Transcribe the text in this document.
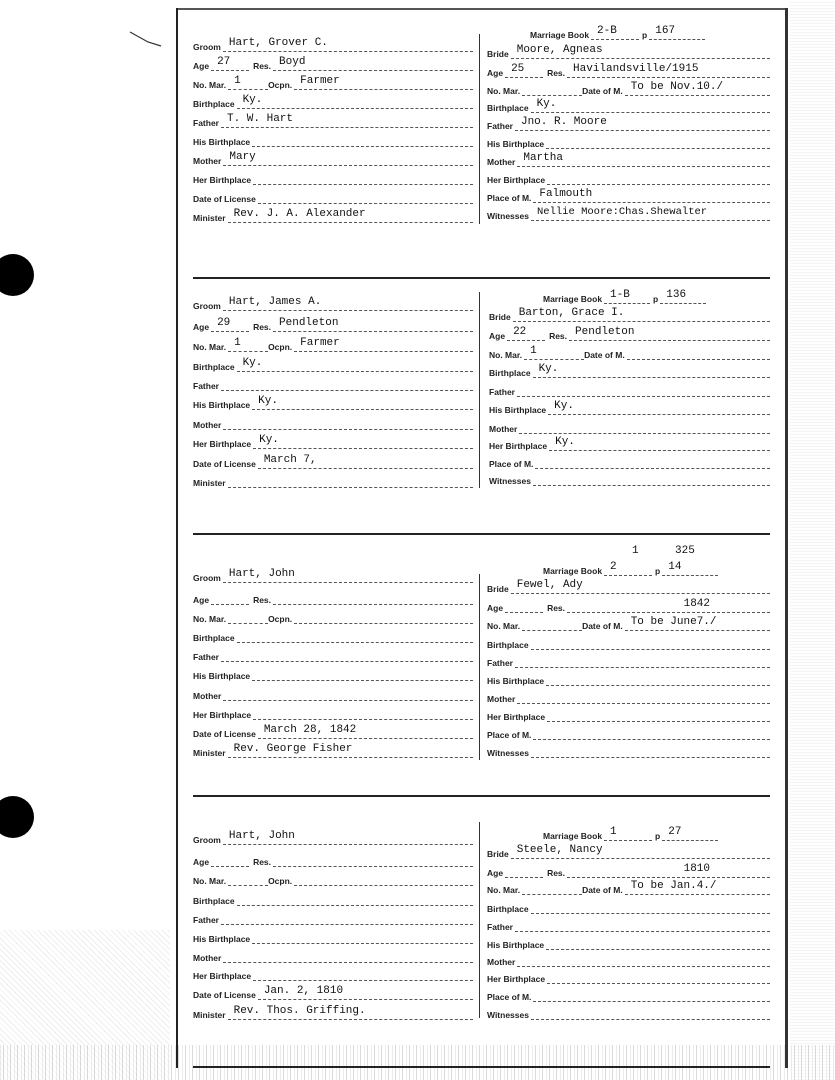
Groom Hart, Grover C.
Age 27	Res. Boyd
No. Mar. 1	Ocpn. Farmer
Birthplace Ky.
Father T. W. Hart
His Birthplace
Mother Mary
Her Birthplace
Date of License
Minister Rev. J. A. Alexander
Marriage Book 2-B	p 167
Bride Moore, Agneas
Age 25	Res. Havilandsville/1915
No. Mar.	Date of M. To be Nov.10./
Birthplace Ky.
Father Jno. R. Moore
His Birthplace
Mother Martha
Her Birthplace
Place of M. Falmouth
Witnesses Nellie Moore:Chas.Shewalter
Groom Hart, James A.
Age 29	Res. Pendleton
No. Mar. 1	Ocpn. Farmer
Birthplace Ky.
Father
His Birthplace Ky.
Mother
Her Birthplace Ky.
Date of License March 7,
Minister
Marriage Book 1-B	p 136
Bride Barton, Grace I.
Age 22	Res. Pendleton
No. Mar. 1	Date of M.
Birthplace Ky.
Father
His Birthplace Ky.
Mother
Her Birthplace Ky.
Place of M.
Witnesses
Groom Hart, John
Age	Res.
No. Mar.	Ocpn.
Birthplace
Father
His Birthplace
Mother
Her Birthplace
Date of License March 28, 1842
Minister Rev. George Fisher
1	325
Marriage Book 2	p 14
Bride Fewel, Ady
Age	Res.	1842
No. Mar.	Date of M. To be June7./
Birthplace
Father
His Birthplace
Mother
Her Birthplace
Place of M.
Witnesses
Groom Hart, John
Age	Res.
No. Mar.	Ocpn.
Birthplace
Father
His Birthplace
Mother
Her Birthplace
Date of License Jan. 2, 1810
Minister Rev. Thos. Griffing.
Marriage Book 1	p 27
Bride Steele, Nancy
Age	Res.	1810
No. Mar.	Date of M. To be Jan.4./
Birthplace
Father
His Birthplace
Mother
Her Birthplace
Place of M.
Witnesses
